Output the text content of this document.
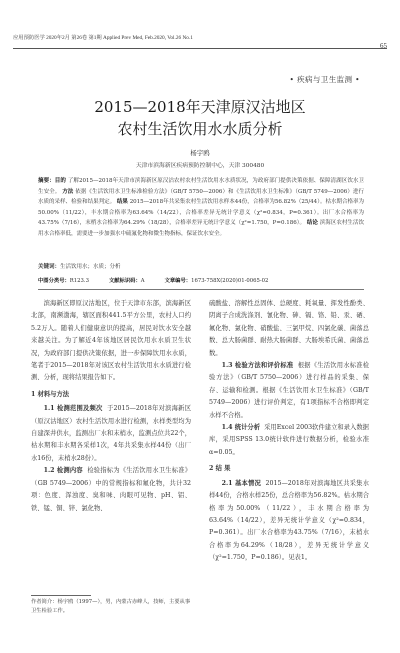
应用预防医学 2020年2月 第26卷 第1期 Applied Prev Med, Feb.2020, Vol.26 No.1
65
• 疾病与卫生监测 •
2015—2018年天津原汉沽地区
农村生活饮用水水质分析
杨宇鸥
天津市滨海新区疾病预防控制中心，天津 300480
摘要：目的 了解2015—2018年天津市滨海新区原汉沽农村农村生活饮用水水质状况，为政府部门提供决策依据、保障清湖区饮水卫生安全。 方法 依据《生活饮用水卫生标准检验方法》（GB/T 5750—2006）和《生活饮用水卫生标准》（GB/T 5749—2006）进行水质的采样、检验和结果判定。 结果 2015—2018年共采集农村生活饮用水样本44份，合格率为56.82%（25/44）。枯水期合格率为50.00%（11/22），丰水期合格率为63.64%（14/22），合格率差异无统计学意义（χ²=0.834，P=0.361）。出厂水合格率为43.75%（7/16），末梢水合格率为64.29%（18/28），合格率差异无统计学意义（χ²=1.750，P=0.186）。 结论 滨海区农村生活饮用水合格率低，需要进一步加强水中硫氟化物和微生物指标，保证饮水安全。
关键词：生活饮用水；水质；分析
中图分类号：R123.3	文献标识码：A	文章编号：1673-758X(2020)01-0065-02

滨海新区即原汉沽地区，位于天津市东部，滨海新区北部，南濒渤海，辖区面积441.5平方公里，农村人口约5.2万人。随着人们健康意识的提高，居民对饮水安全越来越关注。为了解近4年该地区居民饮用水水质卫生状况，为政府部门提供决策依据，进一步保障饮用水水质，笔者于2015—2018年对该区农村生活饮用水水质进行检测、分析，现将结果报告如下。

1 材料与方法

1.1 检测范围及频次 于2015—2018年对滨海新区（原汉沽地区）农村生活饮用水进行检测，水样类型均为自建深井供水，监测出厂水和末梢水，监测点位共22个，枯水期和丰水期各采样1次，4年共采集水样44份（出厂水16份，末梢水28份）。

1.2 检测内容 检验指标为《生活饮用水卫生标准》（GB 5749—2006）中的常规指标和氟化物，共计32项：色度、浑浊度、臭和味、肉眼可见物、pH、铝、铁、锰、铜、锌、氯化物、

硫酸盐、溶解性总固体、总硬度、耗氧量、挥发性酚类、阴离子合成洗涤剂、氰化物、砷、镉、铬、铅、汞、硒、氟化物、氯化物、硝酸盐、三氯甲烷、四氯化碳、菌落总数、总大肠菌群、耐热大肠菌群、大肠埃希氏菌、菌落总数。

1.3 检验方法和评价标准 根据《生活饮用水标准检验方法》（GB/T 5750—2006）进行样品的采集、保存、运输和检测。根据《生活饮用水卫生标准》（GB/T 5749—2006）进行评价判定，有1项指标不合格即判定水样不合格。

1.4 统计分析 采用Excel 2003软件建立和录入数据库，采用SPSS 13.0统计软件进行数据分析，检验水准α=0.05。

2 结 果

2.1 基本情况 2015—2018年对滨海地区共采集水样44份，合格水样25份，总合格率为56.82%。枯水期合格率为50.00%（11/22），丰水期合格率为63.64%（14/22），差异无统计学意义（χ²=0.834，P=0.361）。出厂水合格率为43.75%（7/16），末梢水合格率为64.29%（18/28），差异无统计学意义（χ²=1.750，P=0.186）。见表1。

作者简介：杨宇鸥（1997—），男，内蒙古赤峰人，技师，主要从事卫生检验工作。
